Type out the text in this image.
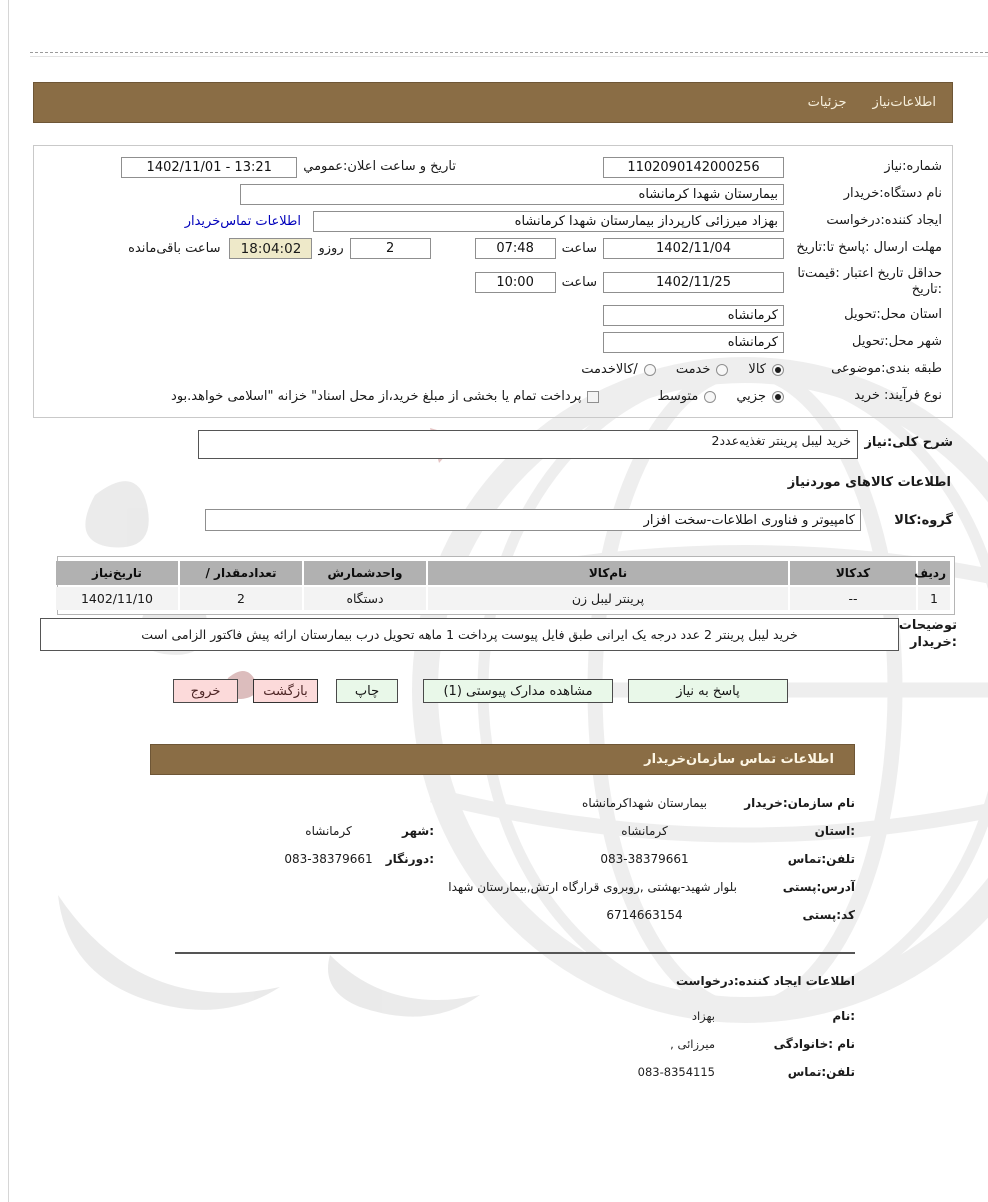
اطلاعات‌نیاز
جزئیات
شماره:نیاز
1102090142000256
تاریخ و ساعت اعلان:عمومي
1402/11/01 - 13:21
نام دستگاه:خریدار
بیمارستان شهدا کرمانشاه
ایجاد کننده:درخواست
بهزاد میرزائی کارپرداز بیمارستان شهدا کرمانشاه
اطلاعات تماس‌خریدار
مهلت ارسال :پاسخ تا:تاریخ
1402/11/04
ساعت
07:48
2
روزو
18:04:02
ساعت باقی‌مانده
حداقل تاریخ اعتبار :قیمت‌تا
:تاریخ
1402/11/25
ساعت
10:00
استان محل:تحویل
کرمانشاه
شهر محل:تحویل
کرمانشاه
طبقه بندی:موضوعی
کالا
خدمت
/کالاخدمت
نوع فرآیند: خرید
جزیي
متوسط
پرداخت تمام یا بخشی از مبلغ خرید،از محل اسناد" خزانه "اسلامی خواهد.بود
شرح کلی:نیاز
خرید لیبل پرینتر تغذیه‌عدد2
اطلاعات کالاهای موردنیاز
گروه:کالا
کامپیوتر و فناوری اطلاعات-سخت افزار
ردیف	کدکالا	نام‌کالا	واحدشمارش	تعدادمقدار /	تاریخ‌نیاز
1	--	پرینتر لیبل زن	دستگاه	2	1402/11/10
توضیحات
:خریدار
خرید لیبل پرینتر 2 عدد درجه یک ایرانی طبق فایل پیوست پرداخت 1 ماهه تحویل درب بیمارستان ارائه پیش فاکتور الزامی است
پاسخ به نیاز
مشاهده مدارک پیوستی (1)
چاپ
بازگشت
خروج
اطلاعات تماس سازمان‌خریدار
نام سازمان:خریدار
بیمارستان شهداکرمانشاه
:استان
کرمانشاه
:شهر
کرمانشاه
تلفن:تماس
083-38379661
:دورنگار
083-38379661
آدرس:پستی
بلوار شهید-بهشتی ,روبروی قرارگاه ارتش,بیمارستان شهدا
کد:پستی
6714663154
اطلاعات ایجاد کننده:درخواست
:نام
بهزاد
نام :خانوادگی
میرزائی ,
تلفن:تماس
083-8354115
